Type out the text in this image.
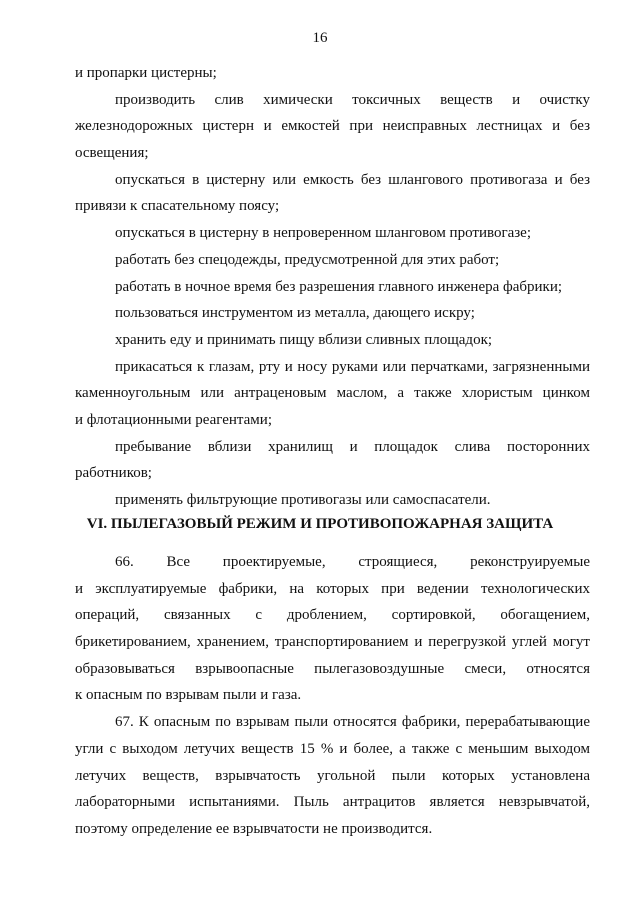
16
и пропарки цистерны;
производить слив химически токсичных веществ и очистку
железнодорожных цистерн и емкостей при неисправных лестницах и без
освещения;
опускаться в цистерну или емкость без шлангового противогаза и без
привязи к спасательному поясу;
опускаться в цистерну в непроверенном шланговом противогазе;
работать без спецодежды, предусмотренной для этих работ;
работать в ночное время без разрешения главного инженера фабрики;
пользоваться инструментом из металла, дающего искру;
хранить еду и принимать пищу вблизи сливных площадок;
прикасаться к глазам, рту и носу руками или перчатками, загрязненными
каменноугольным или антраценовым маслом, а также хлористым цинком
и флотационными реагентами;
пребывание вблизи хранилищ и площадок слива посторонних
работников;
применять фильтрующие противогазы или самоспасатели.
VI. ПЫЛЕГАЗОВЫЙ РЕЖИМ И ПРОТИВОПОЖАРНАЯ ЗАЩИТА
66. Все проектируемые, строящиеся, реконструируемые
и эксплуатируемые фабрики, на которых при ведении технологических
операций, связанных с дроблением, сортировкой, обогащением,
брикетированием, хранением, транспортированием и перегрузкой углей могут
образовываться взрывоопасные пылегазовоздушные смеси, относятся
к опасным по взрывам пыли и газа.
67. К опасным по взрывам пыли относятся фабрики, перерабатывающие
угли с выходом летучих веществ 15 % и более, а также с меньшим выходом
летучих веществ, взрывчатость угольной пыли которых установлена
лабораторными испытаниями. Пыль антрацитов является невзрывчатой,
поэтому определение ее взрывчатости не производится.
